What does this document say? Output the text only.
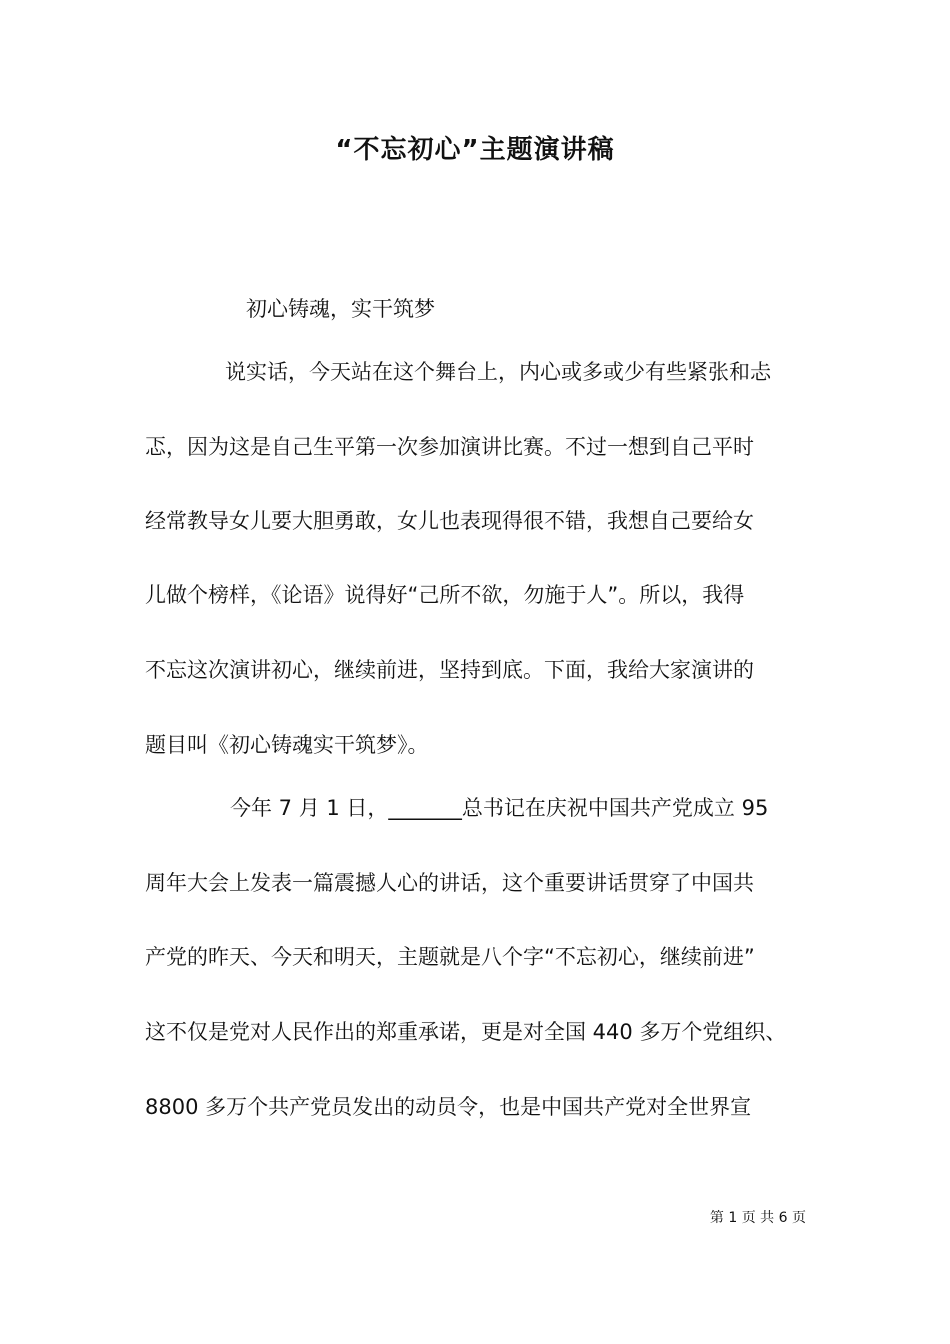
“不忘初心”主题演讲稿
初心铸魂，实干筑梦
说实话，今天站在这个舞台上，内心或多或少有些紧张和忐
忑，因为这是自己生平第一次参加演讲比赛。不过一想到自己平时
经常教导女儿要大胆勇敢，女儿也表现得很不错，我想自己要给女
儿做个榜样，《论语》说得好“己所不欲，勿施于人”。所以，我得
不忘这次演讲初心，继续前进，坚持到底。下面，我给大家演讲的
题目叫《初心铸魂实干筑梦》。
今年 7 月 1 日，_______总书记在庆祝中国共产党成立 95
周年大会上发表一篇震撼人心的讲话，这个重要讲话贯穿了中国共
产党的昨天、今天和明天，主题就是八个字“不忘初心，继续前进”
这不仅是党对人民作出的郑重承诺，更是对全国 440 多万个党组织、
8800 多万个共产党员发出的动员令，也是中国共产党对全世界宣
第 1 页 共 6 页
